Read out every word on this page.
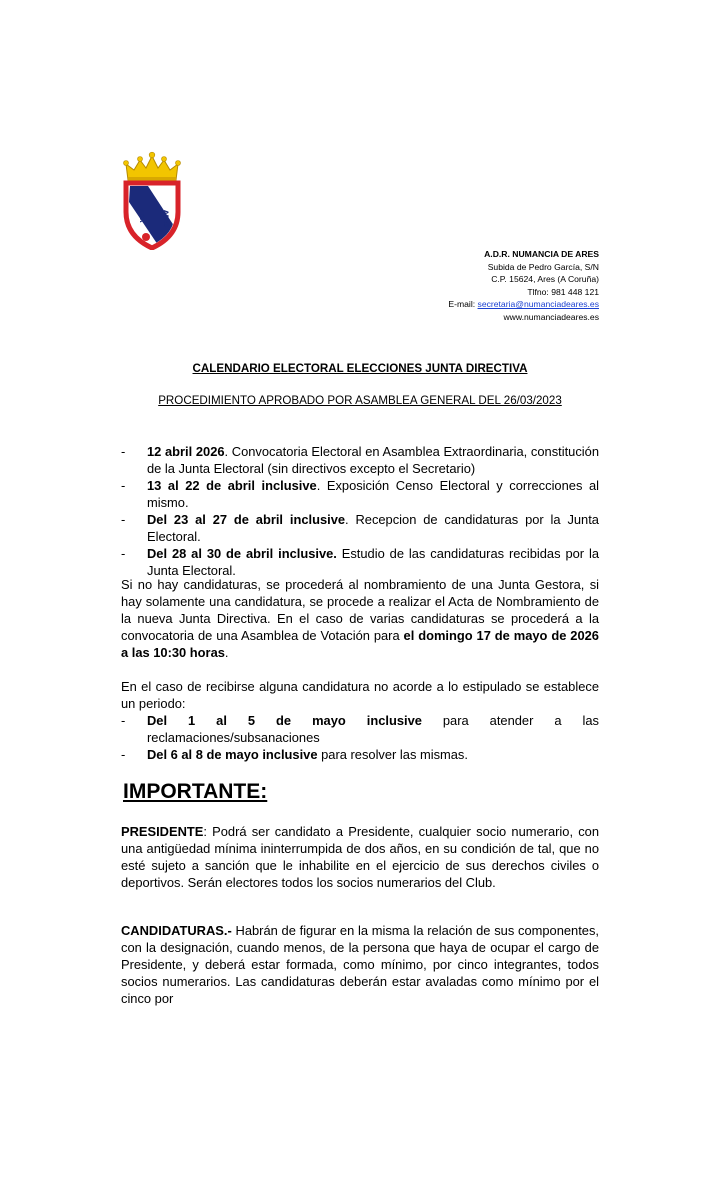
NDR	ARES
A.D.R. NUMANCIA DE ARES
Subida de Pedro García, S/N
C.P. 15624, Ares (A Coruña)
Tlfno: 981 448 121
E-mail: secretaria@numanciadeares.es
www.numanciadeares.es
CALENDARIO ELECTORAL ELECCIONES JUNTA DIRECTIVA
PROCEDIMIENTO APROBADO POR ASAMBLEA GENERAL DEL 26/03/2023
- 12 abril 2026. Convocatoria Electoral en Asamblea Extraordinaria, constitución de la Junta Electoral (sin directivos excepto el Secretario)
- 13 al 22 de abril inclusive. Exposición Censo Electoral y correcciones al mismo.
- Del 23 al 27 de abril inclusive. Recepcion de candidaturas por la Junta Electoral.
- Del 28 al 30 de abril inclusive. Estudio de las candidaturas recibidas por la Junta Electoral.
Si no hay candidaturas, se procederá al nombramiento de una Junta Gestora, si hay solamente una candidatura, se procede a realizar el Acta de Nombramiento de la nueva Junta Directiva. En el caso de varias candidaturas se procederá a la convocatoria de una Asamblea de Votación para el domingo 17 de mayo de 2026 a las 10:30 horas.
En el caso de recibirse alguna candidatura no acorde a lo estipulado se establece un periodo:
- Del 1 al 5 de mayo inclusive para atender a las reclamaciones/subsanaciones
- Del 6 al 8 de mayo inclusive para resolver las mismas.
IMPORTANTE:
PRESIDENTE: Podrá ser candidato a Presidente, cualquier socio numerario, con una antigüedad mínima ininterrumpida de dos años, en su condición de tal, que no esté sujeto a sanción que le inhabilite en el ejercicio de sus derechos civiles o deportivos. Serán electores todos los socios numerarios del Club.
CANDIDATURAS.- Habrán de figurar en la misma la relación de sus componentes, con la designación, cuando menos, de la persona que haya de ocupar el cargo de Presidente, y deberá estar formada, como mínimo, por cinco integrantes, todos socios numerarios. Las candidaturas deberán estar avaladas como mínimo por el cinco por
